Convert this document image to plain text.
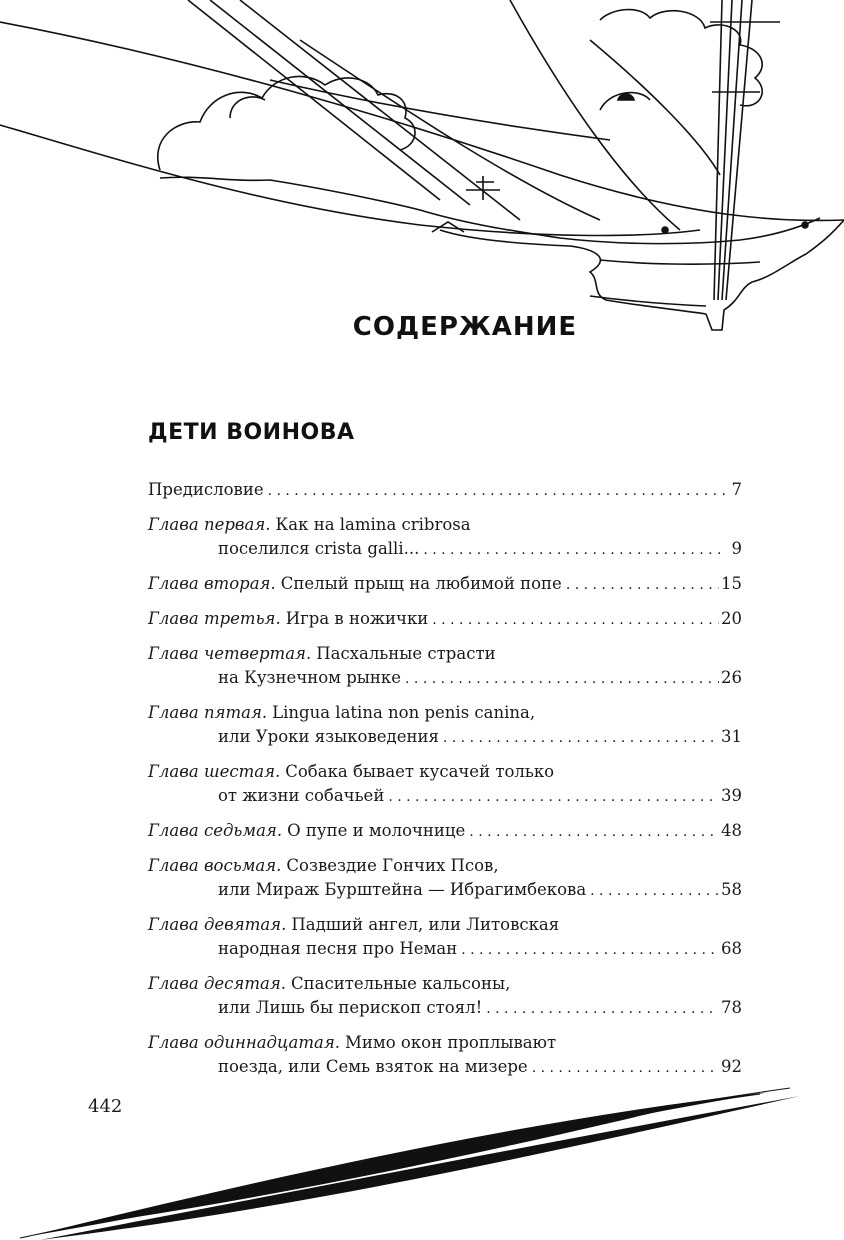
СОДЕРЖАНИЕ
ДЕТИ ВОИНОВА
Предисловие . . .	7
Глава первая. Как на lamina cribrosa
поселился crista galli... . . .	9
Глава вторая. Спелый прыщ на любимой попе . . .	15
Глава третья. Игра в ножички . . .	20
Глава четвертая. Пасхальные страсти
на Кузнечном рынке . . .	26
Глава пятая. Lingua latina non penis canina,
или Уроки языковедения . . .	31
Глава шестая. Собака бывает кусачей только
от жизни собачьей . . .	39
Глава седьмая. О пупе и молочнице . . .	48
Глава восьмая. Созвездие Гончих Псов,
или Мираж Бурштейна — Ибрагимбекова . . .	58
Глава девятая. Падший ангел, или Литовская
народная песня про Неман . . .	68
Глава десятая. Спасительные кальсоны,
или Лишь бы перископ стоял! . . .	78
Глава одиннадцатая. Мимо окон проплывают
поезда, или Семь взяток на мизере . . .	92
442
